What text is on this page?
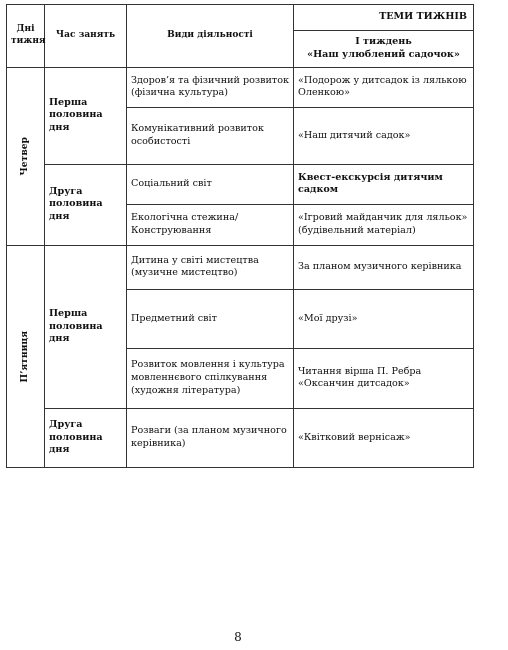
Дні
тижня	Час занять	Види діяльності	ТЕМИ ТИЖНІВ
			І тиждень
«Наш улюблений садочок»

Четвер	Перша половина дня	Здоров’я та фізичний розвиток (фізична культура)	«Подорож у дитсадок із лялькою Оленкою»
		Комунікативний розвиток особистості	«Наш дитячий садок»
	Друга половина дня	Соціальний світ	Квест-екскурсія дитячим садком
		Екологічна стежина/ Конструювання	«Ігровий майданчик для ляльок» (будівельний матеріал)

П’ятниця	Перша половина дня	Дитина у світі мистецтва (музичне мистецтво)	За планом музичного керівника
		Предметний світ	«Мої друзі»
		Розвиток мовлення і культура мовленнєвого спілкування (художня література)	Читання вірша П. Ребра «Оксанчин дитсадок»
	Друга половина дня	Розваги (за планом музичного керівника)	«Квітковий вернісаж»
8
